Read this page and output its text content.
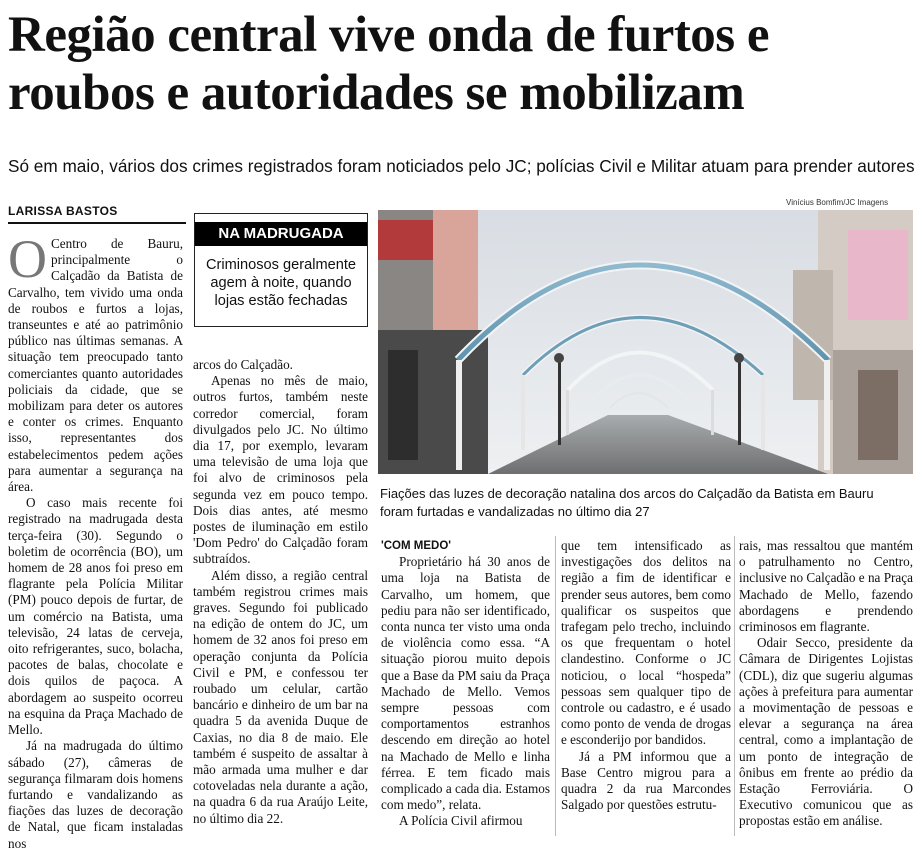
Região central vive onda de furtos e
roubos e autoridades se mobilizam

Só em maio, vários dos crimes registrados foram noticiados pelo JC; polícias Civil e Militar atuam para prender autores

LARISSA BASTOS
NA MADRUGADA
Criminosos geralmente agem à noite, quando lojas estão fechadas
Vinícius Bomfim/JC Imagens
Fiações das luzes de decoração natalina dos arcos do Calçadão da Batista em Bauru foram furtadas e vandalizadas no último dia 27

O Centro de Bauru, principalmente o Calçadão da Batista de Carvalho, tem vivido uma onda de roubos e furtos a lojas, transeuntes e até ao patrimônio público nas últimas semanas. A situação tem preocupado tanto comerciantes quanto autoridades policiais da cidade, que se mobilizam para deter os autores e conter os crimes. Enquanto isso, representantes dos estabelecimentos pedem ações para aumentar a segurança na área.

O caso mais recente foi registrado na madrugada desta terça-feira (30). Segundo o boletim de ocorrência (BO), um homem de 28 anos foi preso em flagrante pela Polícia Militar (PM) pouco depois de furtar, de um comércio na Batista, uma televisão, 24 latas de cerveja, oito refrigerantes, suco, bolacha, pacotes de balas, chocolate e dois quilos de paçoca. A abordagem ao suspeito ocorreu na esquina da Praça Machado de Mello.

Já na madrugada do último sábado (27), câmeras de segurança filmaram dois homens furtando e vandalizando as fiações das luzes de decoração de Natal, que ficam instaladas nos

arcos do Calçadão.

Apenas no mês de maio, outros furtos, também neste corredor comercial, foram divulgados pelo JC. No último dia 17, por exemplo, levaram uma televisão de uma loja que foi alvo de criminosos pela segunda vez em pouco tempo. Dois dias antes, até mesmo postes de iluminação em estilo 'Dom Pedro' do Calçadão foram subtraídos.

Além disso, a região central também registrou crimes mais graves. Segundo foi publicado na edição de ontem do JC, um homem de 32 anos foi preso em operação conjunta da Polícia Civil e PM, e confessou ter roubado um celular, cartão bancário e dinheiro de um bar na quadra 5 da avenida Duque de Caxias, no dia 8 de maio. Ele também é suspeito de assaltar à mão armada uma mulher e dar cotoveladas nela durante a ação, na quadra 6 da rua Araújo Leite, no último dia 22.

'COM MEDO'

Proprietário há 30 anos de uma loja na Batista de Carvalho, um homem, que pediu para não ser identificado, conta nunca ter visto uma onda de violência como essa. “A situação piorou muito depois que a Base da PM saiu da Praça Machado de Mello. Vemos sempre pessoas com comportamentos estranhos descendo em direção ao hotel na Machado de Mello e linha férrea. E tem ficado mais complicado a cada dia. Estamos com medo”, relata.

A Polícia Civil afirmou

que tem intensificado as investigações dos delitos na região a fim de identificar e prender seus autores, bem como qualificar os suspeitos que trafegam pelo trecho, incluindo os que frequentam o hotel clandestino. Conforme o JC noticiou, o local “hospeda” pessoas sem qualquer tipo de controle ou cadastro, e é usado como ponto de venda de drogas e esconderijo por bandidos.

Já a PM informou que a Base Centro migrou para a quadra 2 da rua Marcondes Salgado por questões estrutu-

rais, mas ressaltou que mantém o patrulhamento no Centro, inclusive no Calçadão e na Praça Machado de Mello, fazendo abordagens e prendendo criminosos em flagrante.

Odair Secco, presidente da Câmara de Dirigentes Lojistas (CDL), diz que sugeriu algumas ações à prefeitura para aumentar a movimentação de pessoas e elevar a segurança na área central, como a implantação de um ponto de integração de ônibus em frente ao prédio da Estação Ferroviária. O Executivo comunicou que as propostas estão em análise.
